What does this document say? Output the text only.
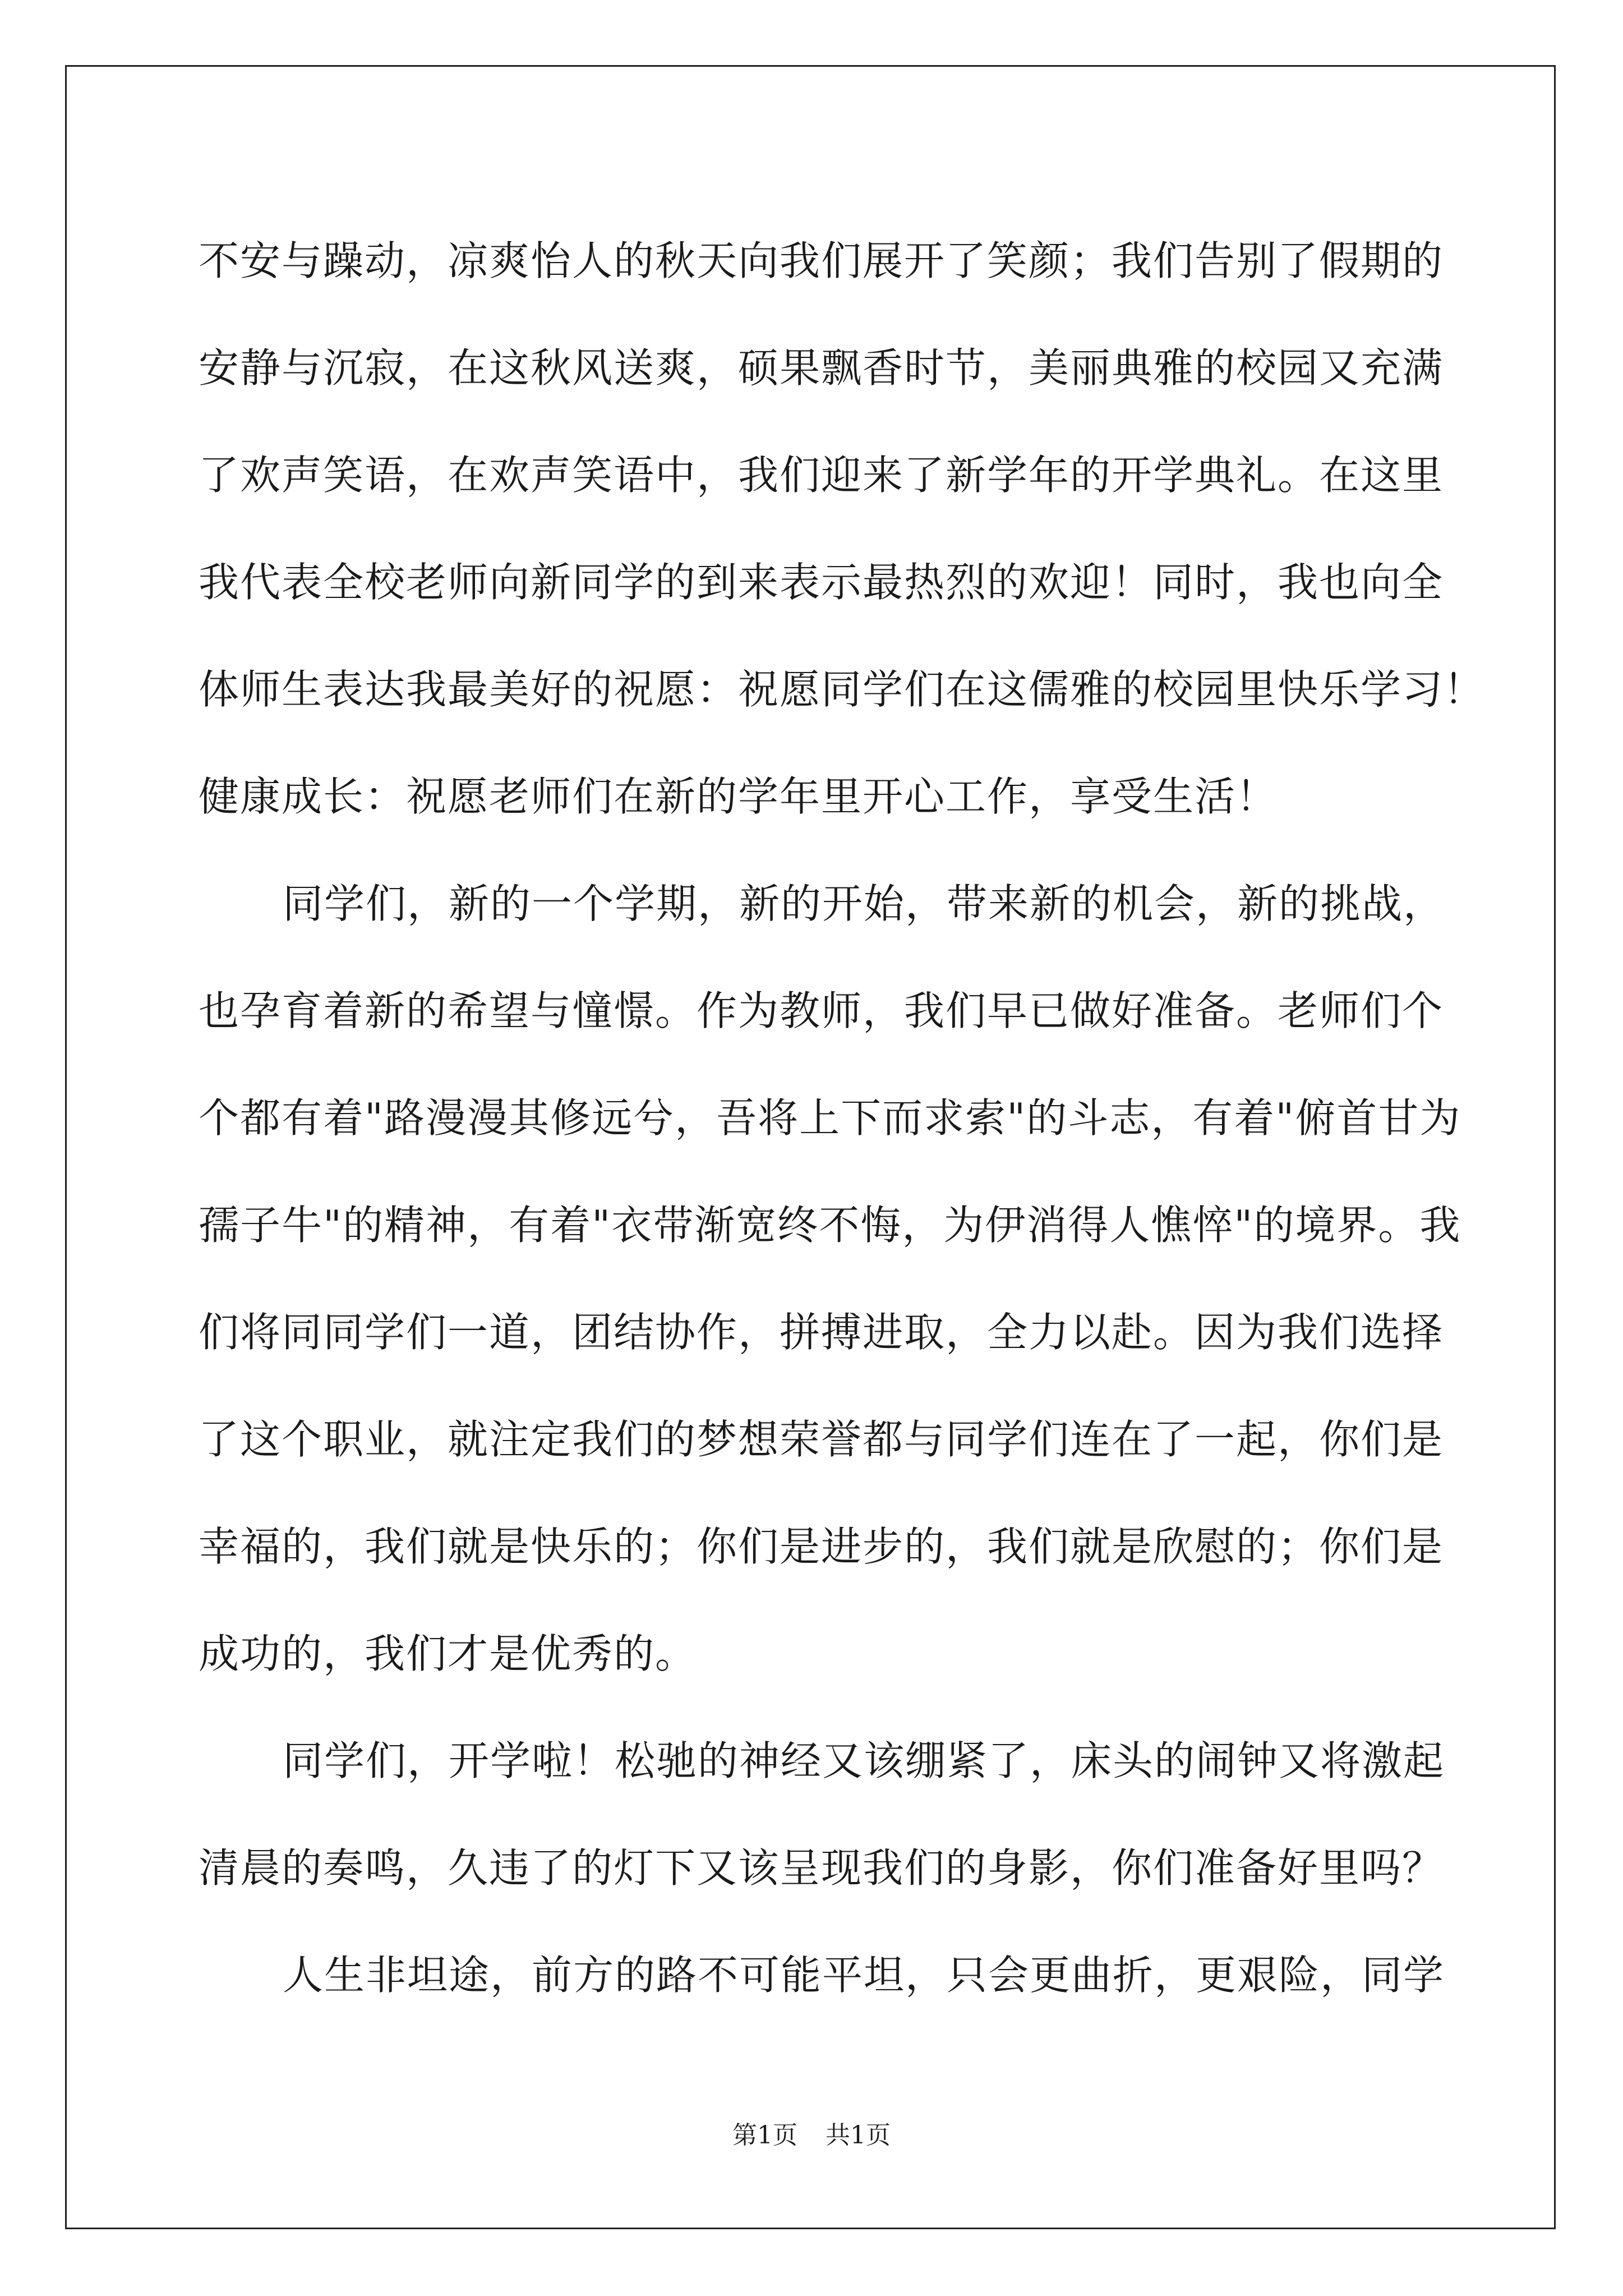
不安与躁动，凉爽怡人的秋天向我们展开了笑颜；我们告别了假期的
安静与沉寂，在这秋风送爽，硕果飘香时节，美丽典雅的校园又充满
了欢声笑语，在欢声笑语中，我们迎来了新学年的开学典礼。在这里
我代表全校老师向新同学的到来表示最热烈的欢迎！同时，我也向全
体师生表达我最美好的祝愿：祝愿同学们在这儒雅的校园里快乐学习！
健康成长：祝愿老师们在新的学年里开心工作，享受生活！
同学们，新的一个学期，新的开始，带来新的机会，新的挑战，
也孕育着新的希望与憧憬。作为教师，我们早已做好准备。老师们个
个都有着"路漫漫其修远兮，吾将上下而求索"的斗志，有着"俯首甘为
孺子牛"的精神，有着"衣带渐宽终不悔，为伊消得人憔悴"的境界。我
们将同同学们一道，团结协作，拼搏进取，全力以赴。因为我们选择
了这个职业，就注定我们的梦想荣誉都与同学们连在了一起，你们是
幸福的，我们就是快乐的；你们是进步的，我们就是欣慰的；你们是
成功的，我们才是优秀的。
同学们，开学啦！松驰的神经又该绷紧了，床头的闹钟又将激起
清晨的奏鸣，久违了的灯下又该呈现我们的身影，你们准备好里吗？
人生非坦途，前方的路不可能平坦，只会更曲折，更艰险，同学
第1页 共1页
